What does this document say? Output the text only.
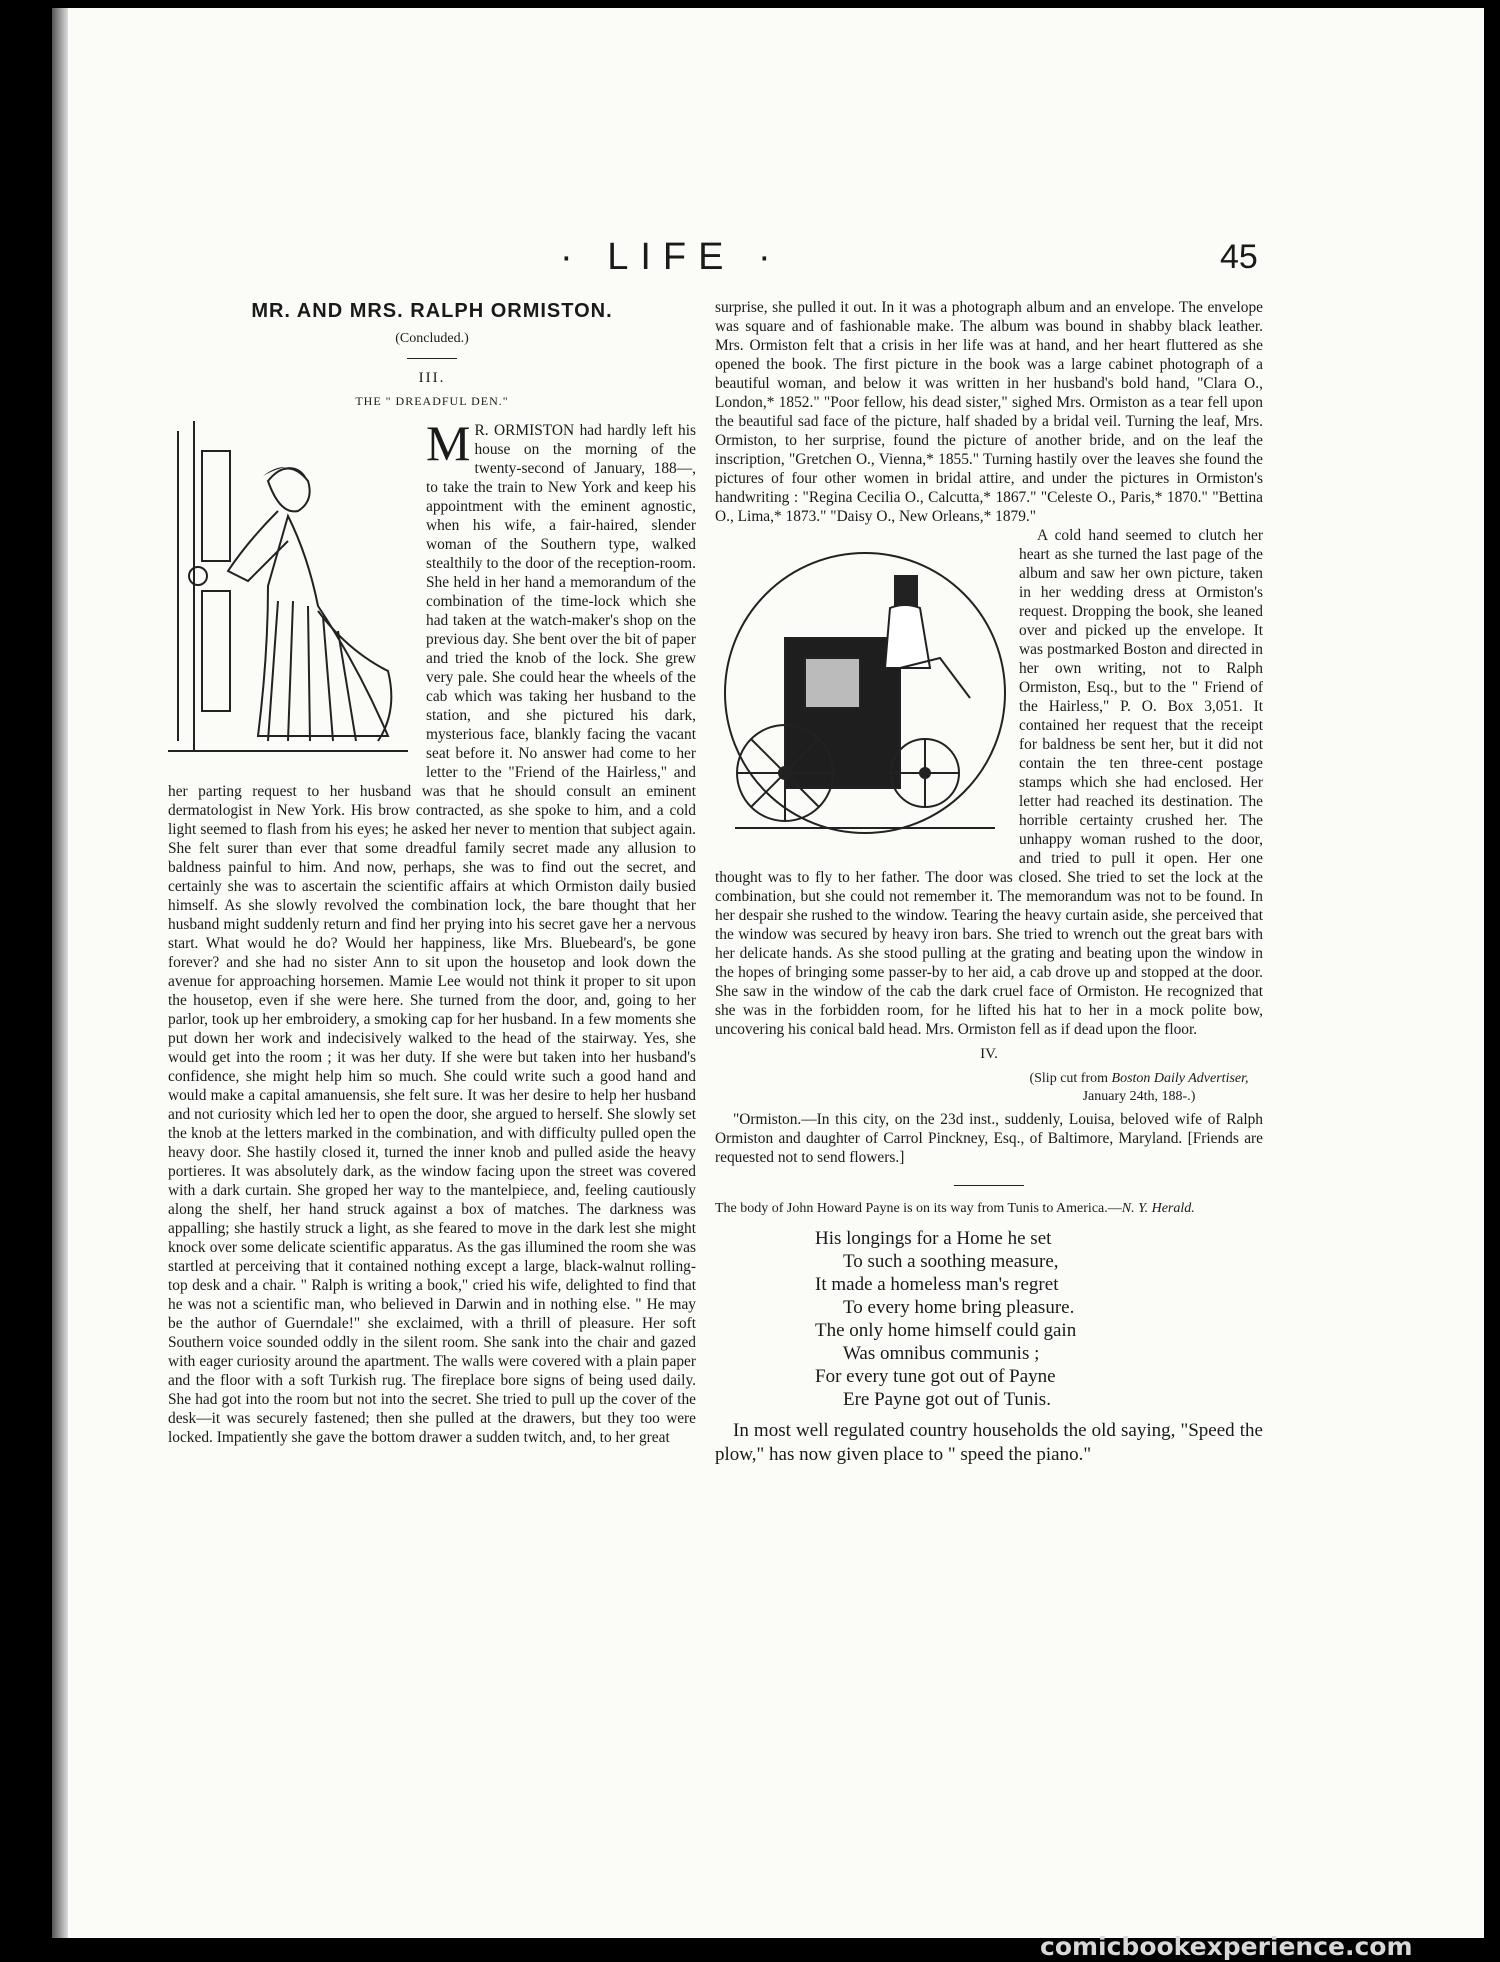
· LIFE ·	45
MR. AND MRS. RALPH ORMISTON.
(Concluded.)
III.
THE " DREADFUL DEN."
M R. ORMISTON had hardly left his house on the morning of the twenty-second of January, 188—, to take the train to New York and keep his appointment with the eminent agnostic, when his wife, a fair-haired, slender woman of the Southern type, walked stealthily to the door of the reception-room. She held in her hand a memorandum of the combination of the time-lock which she had taken at the watch-maker's shop on the previous day. She bent over the bit of paper and tried the knob of the lock. She grew very pale. She could hear the wheels of the cab which was taking her husband to the station, and she pictured his dark, mysterious face, blankly facing the vacant seat before it. No answer had come to her letter to the "Friend of the Hairless," and her parting request to her husband was that he should consult an eminent dermatologist in New York. His brow contracted, as she spoke to him, and a cold light seemed to flash from his eyes; he asked her never to mention that subject again. She felt surer than ever that some dreadful family secret made any allusion to baldness painful to him. And now, perhaps, she was to find out the secret, and certainly she was to ascertain the scientific affairs at which Ormiston daily busied himself. As she slowly revolved the combination lock, the bare thought that her husband might suddenly return and find her prying into his secret gave her a nervous start. What would he do? Would her happiness, like Mrs. Bluebeard's, be gone forever? and she had no sister Ann to sit upon the housetop and look down the avenue for approaching horsemen. Mamie Lee would not think it proper to sit upon the housetop, even if she were here. She turned from the door, and, going to her parlor, took up her embroidery, a smoking cap for her husband. In a few moments she put down her work and indecisively walked to the head of the stairway. Yes, she would get into the room ; it was her duty. If she were but taken into her husband's confidence, she might help him so much. She could write such a good hand and would make a capital amanuensis, she felt sure. It was her desire to help her husband and not curiosity which led her to open the door, she argued to herself. She slowly set the knob at the letters marked in the combination, and with difficulty pulled open the heavy door. She hastily closed it, turned the inner knob and pulled aside the heavy portieres. It was absolutely dark, as the window facing upon the street was covered with a dark curtain. She groped her way to the mantelpiece, and, feeling cautiously along the shelf, her hand struck against a box of matches. The darkness was appalling; she hastily struck a light, as she feared to move in the dark lest she might knock over some delicate scientific apparatus. As the gas illumined the room she was startled at perceiving that it contained nothing except a large, black-walnut rolling-top desk and a chair. " Ralph is writing a book," cried his wife, delighted to find that he was not a scientific man, who believed in Darwin and in nothing else. " He may be the author of Guerndale!" she exclaimed, with a thrill of pleasure. Her soft Southern voice sounded oddly in the silent room. She sank into the chair and gazed with eager curiosity around the apartment. The walls were covered with a plain paper and the floor with a soft Turkish rug. The fireplace bore signs of being used daily. She had got into the room but not into the secret. She tried to pull up the cover of the desk—it was securely fastened; then she pulled at the drawers, but they too were locked. Impatiently she gave the bottom drawer a sudden twitch, and, to her great
surprise, she pulled it out. In it was a photograph album and an envelope. The envelope was square and of fashionable make. The album was bound in shabby black leather. Mrs. Ormiston felt that a crisis in her life was at hand, and her heart fluttered as she opened the book. The first picture in the book was a large cabinet photograph of a beautiful woman, and below it was written in her husband's bold hand, "Clara O., London,* 1852." "Poor fellow, his dead sister," sighed Mrs. Ormiston as a tear fell upon the beautiful sad face of the picture, half shaded by a bridal veil. Turning the leaf, Mrs. Ormiston, to her surprise, found the picture of another bride, and on the leaf the inscription, "Gretchen O., Vienna,* 1855." Turning hastily over the leaves she found the pictures of four other women in bridal attire, and under the pictures in Ormiston's handwriting : "Regina Cecilia O., Calcutta,* 1867." "Celeste O., Paris,* 1870." "Bettina O., Lima,* 1873." "Daisy O., New Orleans,* 1879."
A cold hand seemed to clutch her heart as she turned the last page of the album and saw her own picture, taken in her wedding dress at Ormiston's request. Dropping the book, she leaned over and picked up the envelope. It was postmarked Boston and directed in her own writing, not to Ralph Ormiston, Esq., but to the " Friend of the Hairless," P. O. Box 3,051. It contained her request that the receipt for baldness be sent her, but it did not contain the ten three-cent postage stamps which she had enclosed. Her letter had reached its destination. The horrible certainty crushed her. The unhappy woman rushed to the door, and tried to pull it open. Her one thought was to fly to her father. The door was closed. She tried to set the lock at the combination, but she could not remember it. The memorandum was not to be found. In her despair she rushed to the window. Tearing the heavy curtain aside, she perceived that the window was secured by heavy iron bars. She tried to wrench out the great bars with her delicate hands. As she stood pulling at the grating and beating upon the window in the hopes of bringing some passer-by to her aid, a cab drove up and stopped at the door. She saw in the window of the cab the dark cruel face of Ormiston. He recognized that she was in the forbidden room, for he lifted his hat to her in a mock polite bow, uncovering his conical bald head. Mrs. Ormiston fell as if dead upon the floor.
IV.
(Slip cut from Boston Daily Advertiser, January 24th, 188-.)

"Ormiston.—In this city, on the 23d inst., suddenly, Louisa, beloved wife of Ralph Ormiston and daughter of Carrol Pinckney, Esq., of Baltimore, Maryland. [Friends are requested not to send flowers.]

The body of John Howard Payne is on its way from Tunis to America.—N. Y. Herald.
His longings for a Home he set
To such a soothing measure,
It made a homeless man's regret
To every home bring pleasure.
The only home himself could gain
Was omnibus communis ;
For every tune got out of Payne
Ere Payne got out of Tunis.

In most well regulated country households the old saying, "Speed the plow," has now given place to " speed the piano."

comicbookexperience.com
